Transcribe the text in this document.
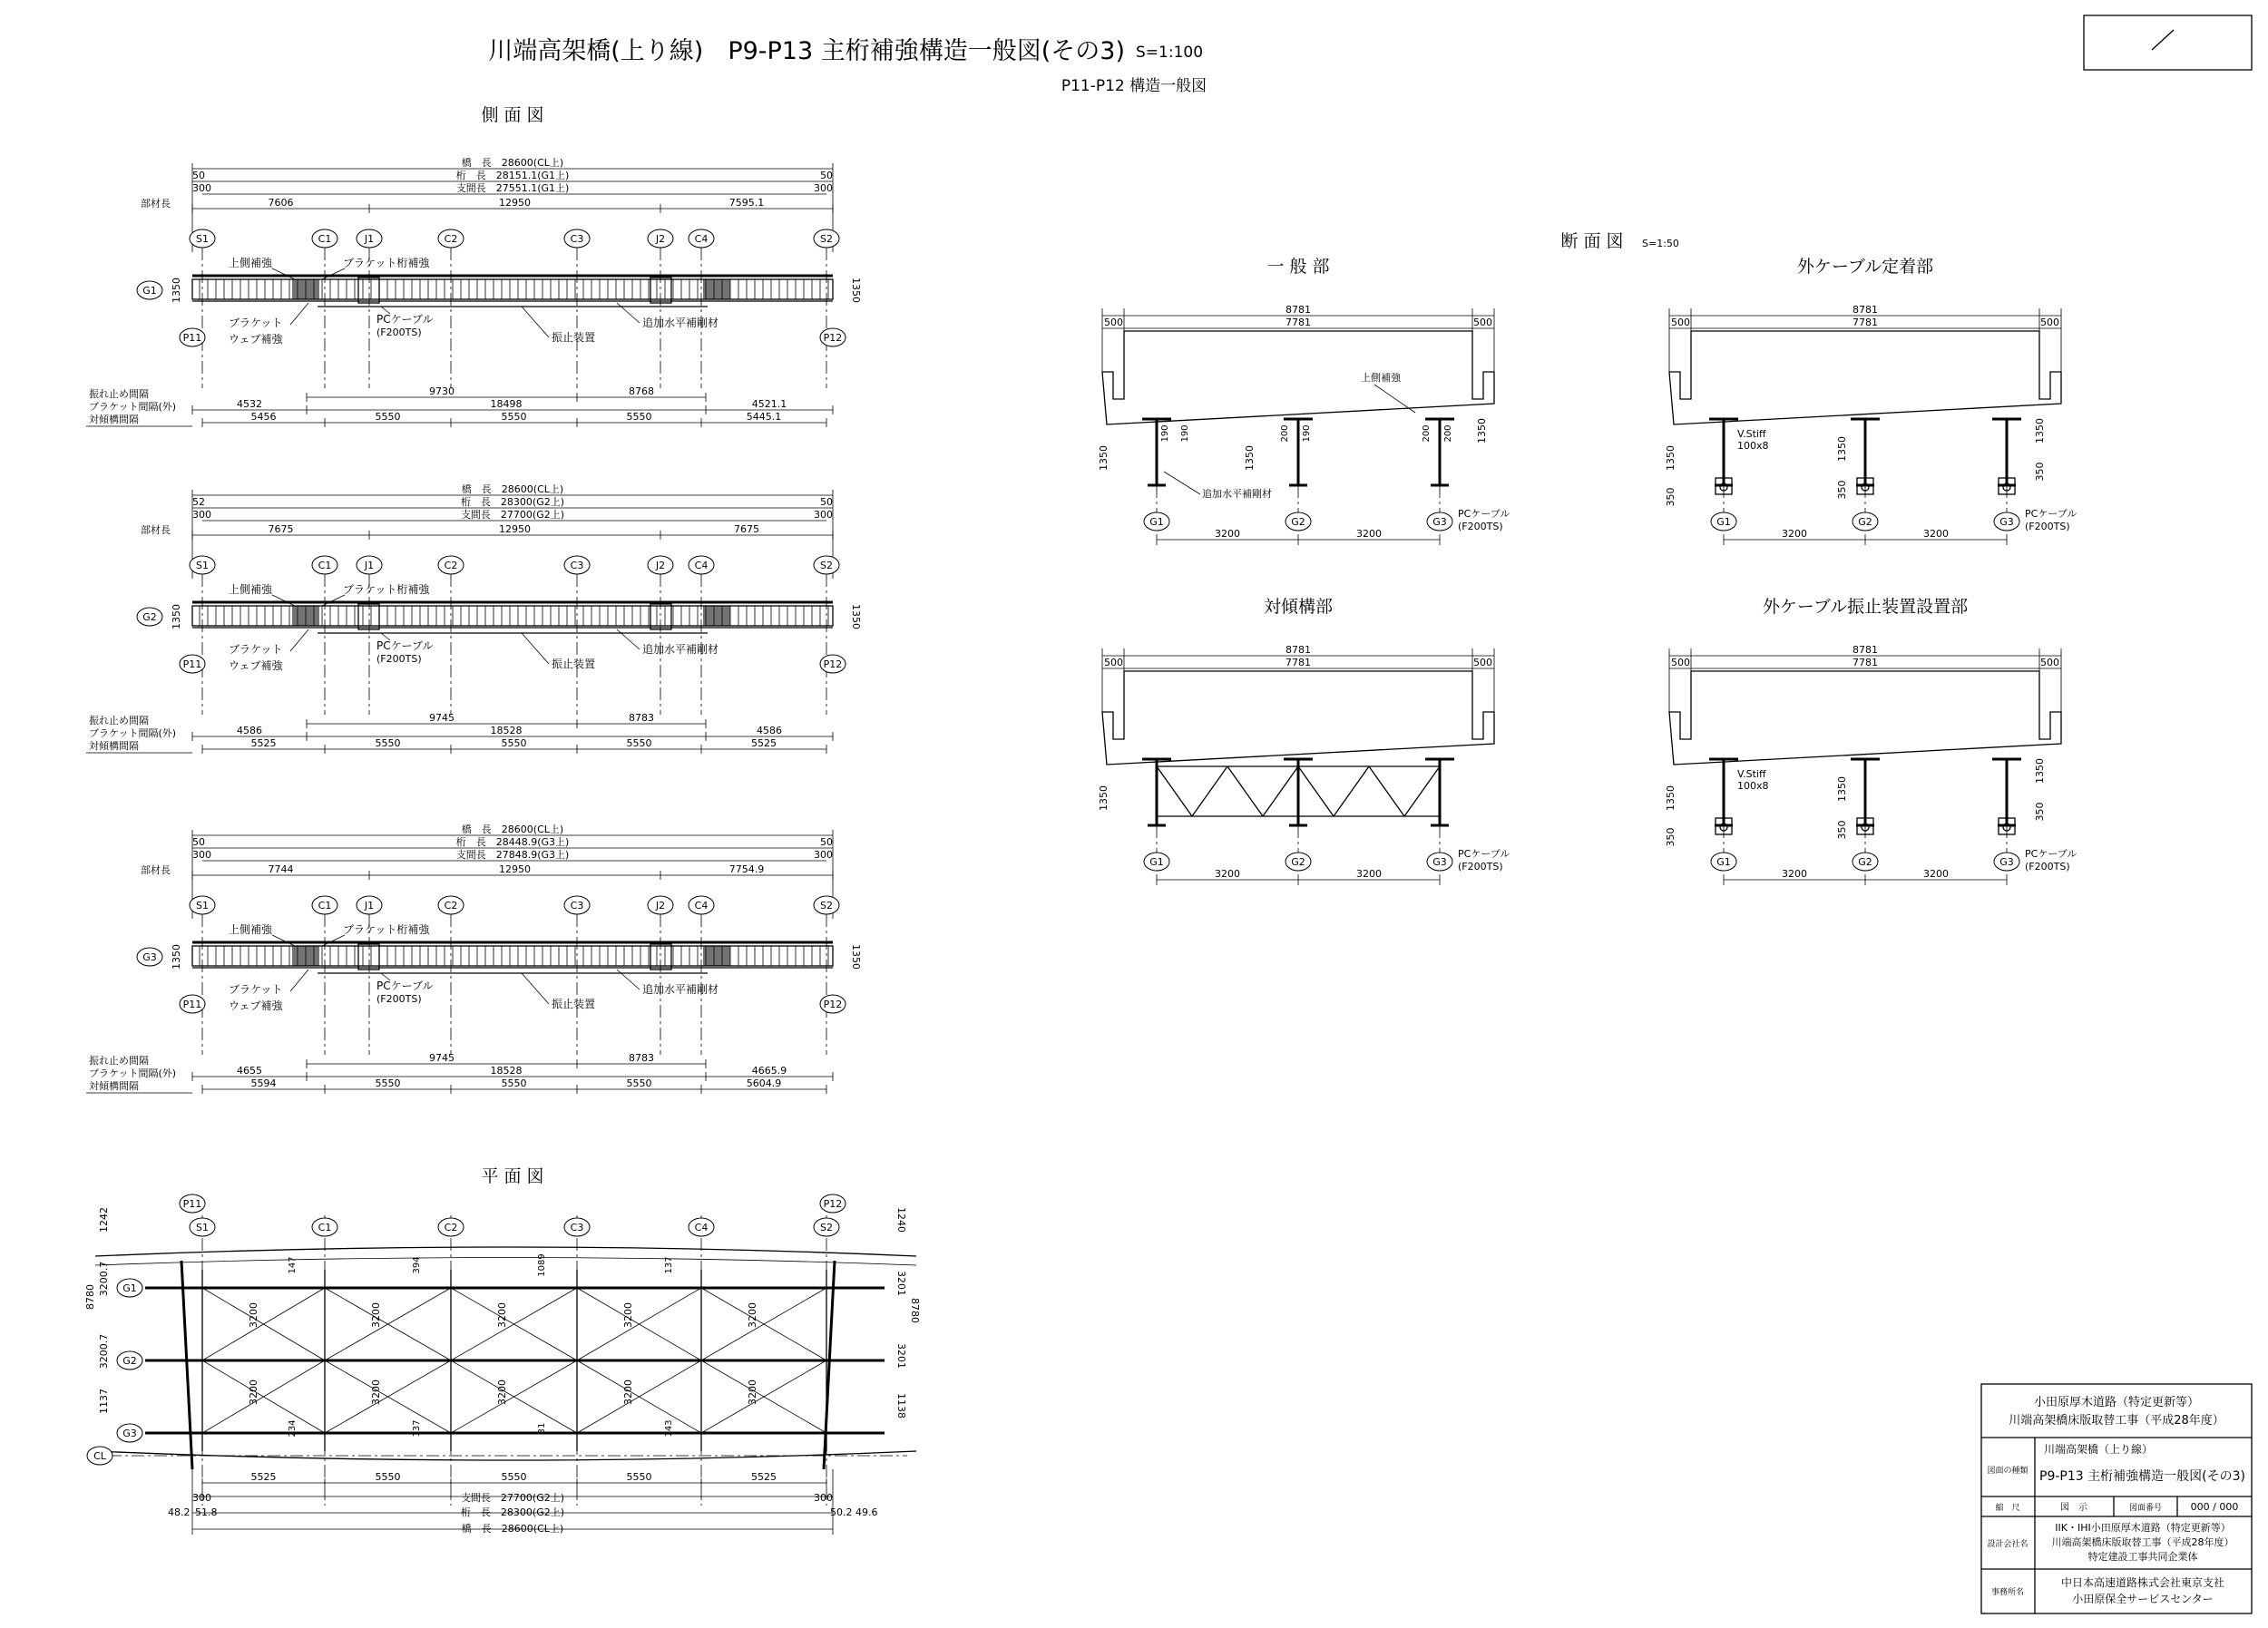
川端高架橋(上り線)　P9-P13 主桁補強構造一般図(その3) S=1:100
P11-P12 構造一般図
側 面 図
橋　長　28600(CL上)
桁　長　28151.1(G1上)
50	50
支間長　27551.1(G1上)
300	300
部材長	7606	12950	7595.1
S1	C1	J1	C2	C3	J2	C4	S2
G1 1350	1350
P11	P12
上側補強	ブラケット桁補強
ブラケット
ウェブ補強
PCケーブル
(F200TS)	振止装置
追加水平補剛材
振れ止め間隔	9730	8768
ブラケット間隔(外)	4532	18498	4521.1
対傾構間隔	5456	5550	5550	5550	5445.1
橋　長　28600(CL上)
桁　長　28300(G2上)
52	50
支間長　27700(G2上)
300	300
部材長	7675	12950	7675
S1	C1	J1	C2	C3	J2	C4	S2
G2 1350	1350
P11	P12
上側補強	ブラケット桁補強
ブラケット
ウェブ補強
PCケーブル
(F200TS)	振止装置
追加水平補剛材
振れ止め間隔	9745	8783
ブラケット間隔(外)	4586	18528	4586
対傾構間隔	5525	5550	5550	5550	5525
橋　長　28600(CL上)
桁　長　28448.9(G3上)
50	50
支間長　27848.9(G3上)
300	300
部材長	7744	12950	7754.9
S1	C1	J1	C2	C3	J2	C4	S2
G3 1350	1350
P11	P12
上側補強	ブラケット桁補強
ブラケット
ウェブ補強
PCケーブル
(F200TS)	振止装置
追加水平補剛材
振れ止め間隔	9745	8783
ブラケット間隔(外)	4655	18528	4665.9
対傾構間隔	5594	5550	5550	5550	5604.9
平 面 図
G1
G2
G3
CL
P11	P12
S1	C1	C2	C3	C4	S2
3200
3200
3200
3200
3200
3200
3200
3200
3200
3200
147	394	1089	137
234	137	31	143
1242
3200.7
3200.7
1137
8780
1240
3201
3201
1138
8780
5525	5550	5550	5550	5525
支間長　27700(G2上)
300	300
桁　長　28300(G2上)
48.2 51.8	50.2 49.6
橋　長　28600(CL上)
断 面 図 S=1:50
一 般 部
8781
7781
500	500
G1	G2	G3
1350
3200	3200
PCケーブル
(F200TS)
上側補強
190 190	200 190	200 200
1350
1350
追加水平補剛材
外ケーブル定着部
8781
7781
500	500
G1	G2	G3
1350
3200	3200
PCケーブル
(F200TS)
V.Stiff
100x8
350	350
350
1350
1350
対傾構部
8781
7781
500	500
G1	G2	G3
1350
3200	3200
PCケーブル
(F200TS)
外ケーブル振止装置設置部
8781
7781
500	500
G1	G2	G3
1350
3200	3200
PCケーブル
(F200TS)
V.Stiff
100x8
350	350
350
1350
1350
小田原厚木道路（特定更新等）
川端高架橋床版取替工事（平成28年度）
図面の種類
川端高架橋（上り線）
P9-P13 主桁補強構造一般図(その3)
縮　尺	図　示	図面番号	000 / 000
設計会社名
IIK・IHI小田原厚木道路（特定更新等）
川端高架橋床版取替工事（平成28年度）
特定建設工事共同企業体
事務所名
中日本高速道路株式会社東京支社
小田原保全サービスセンター
